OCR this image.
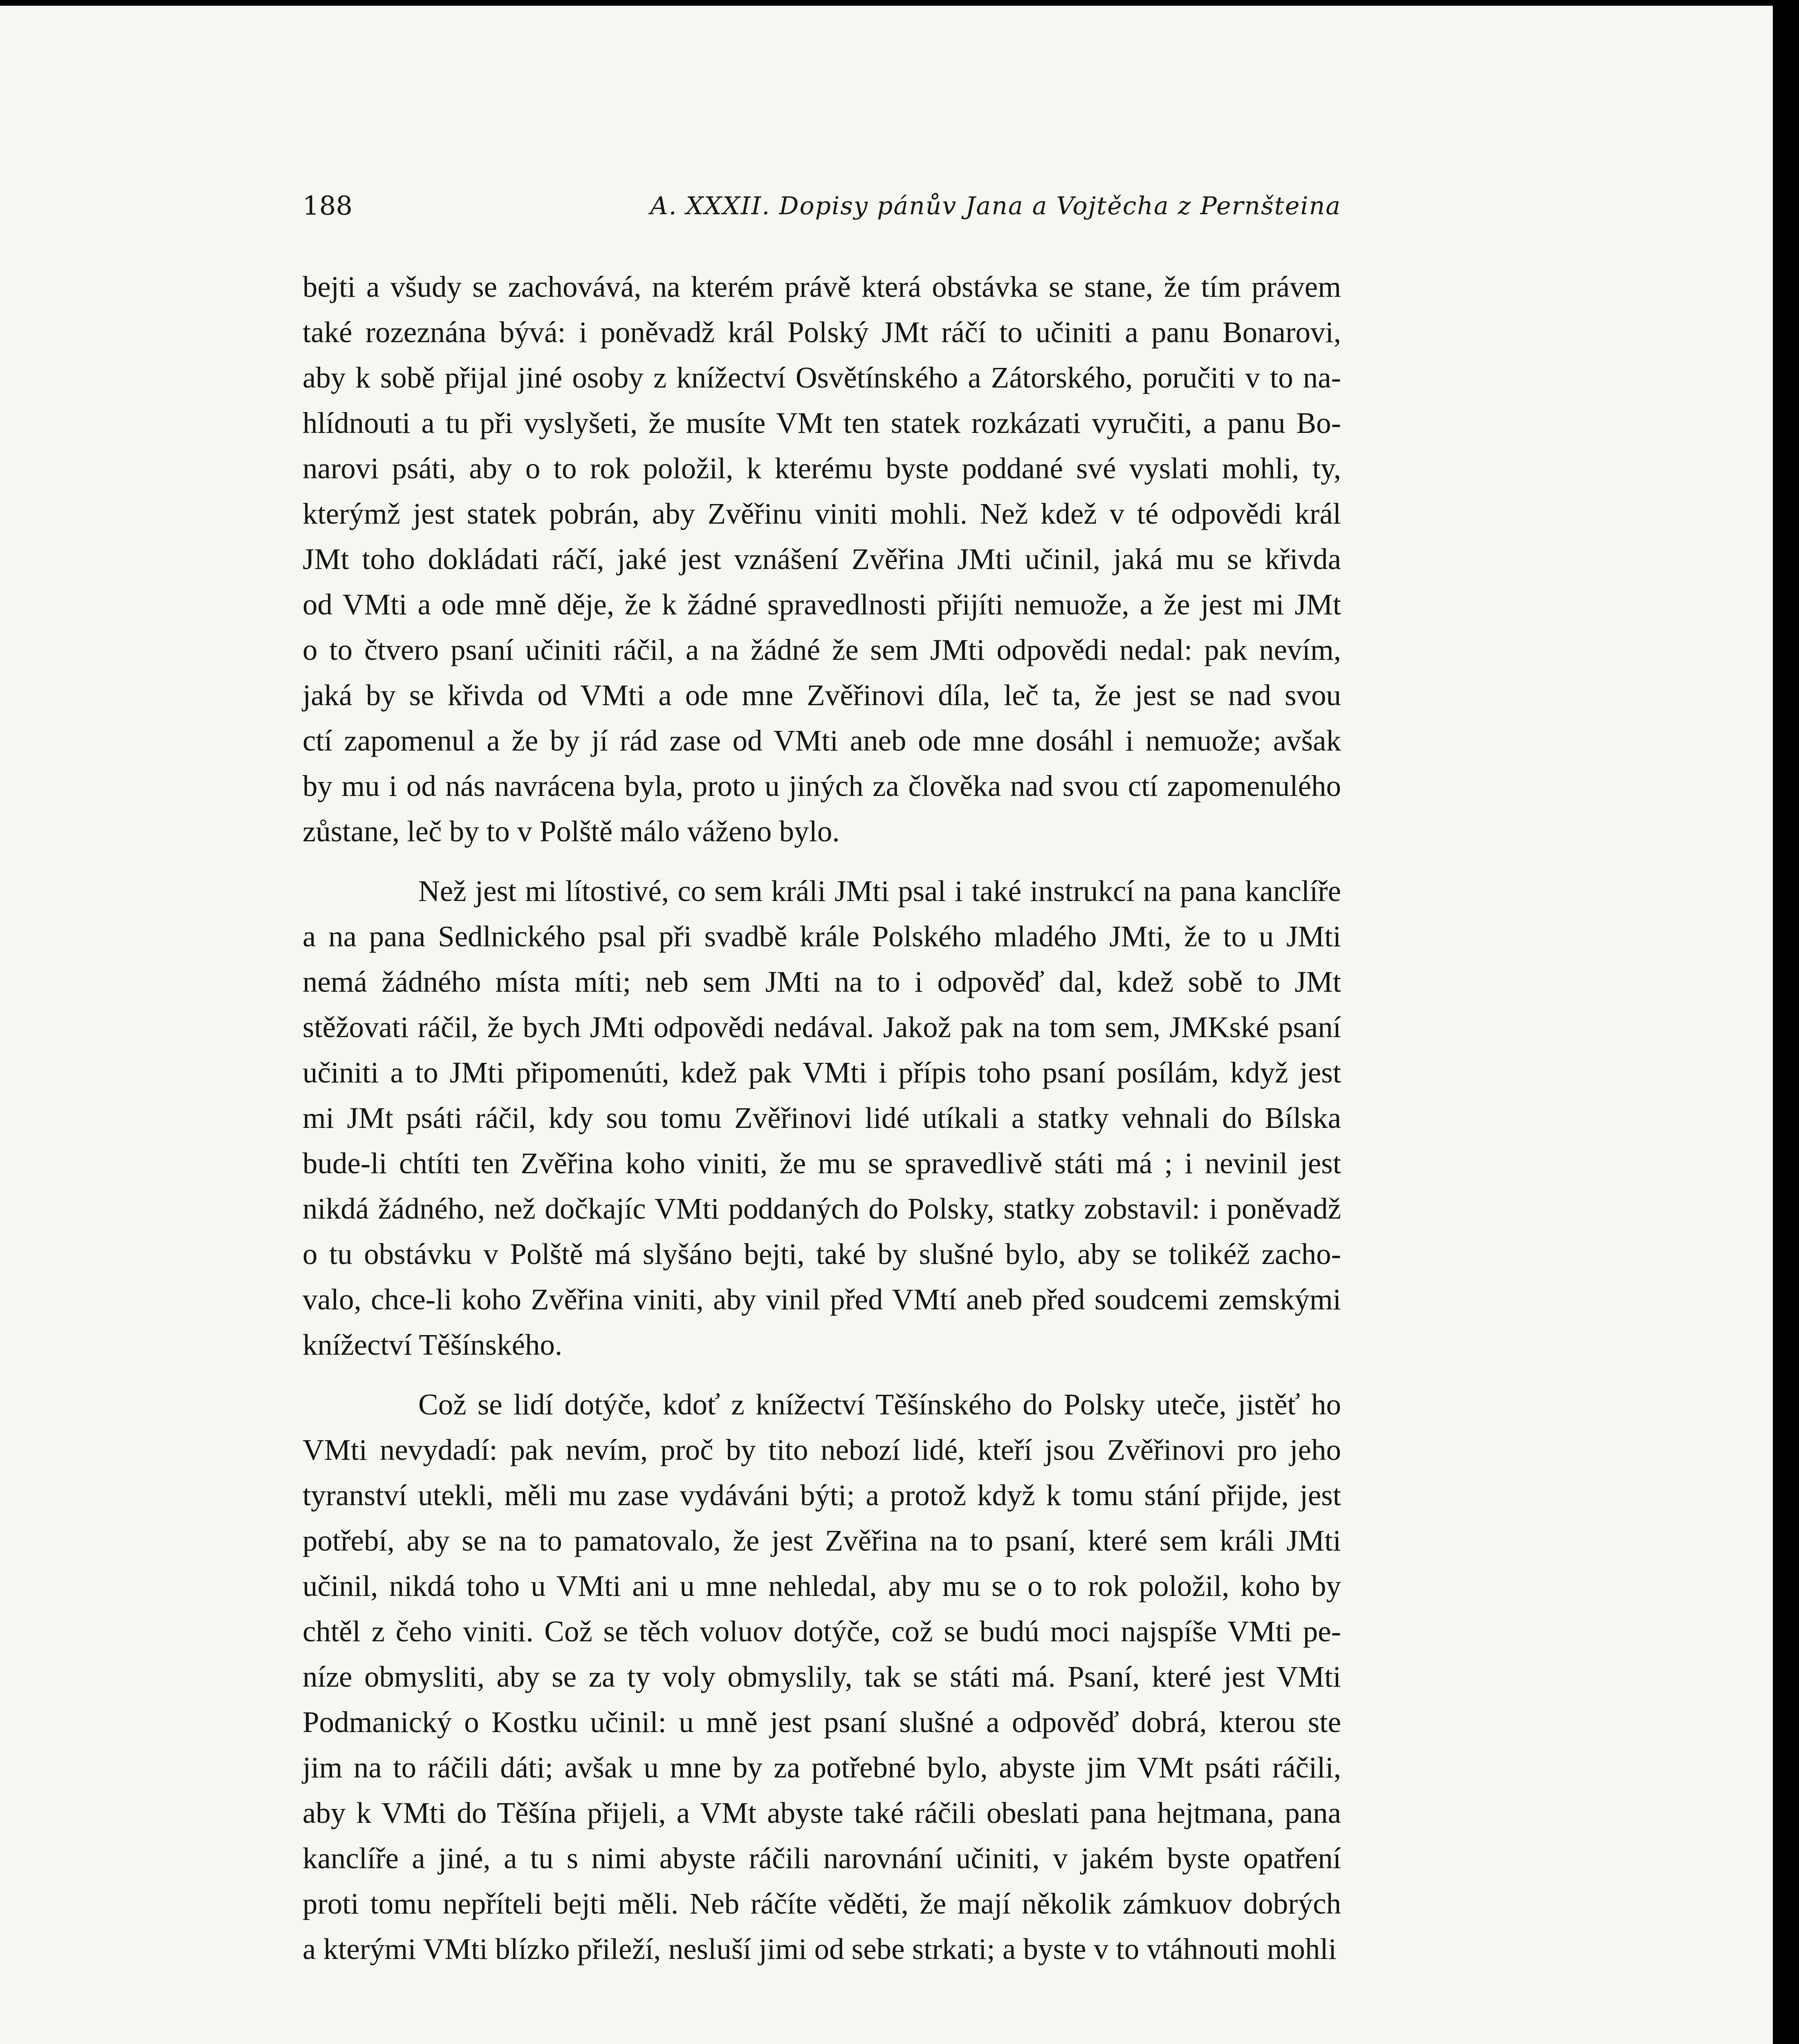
188	A. XXXII. Dopisy pánův Jana a Vojtěcha z Pernšteina
bejti a všudy se zachovává, na kterém právě která obstávka se stane, že tím právem
také rozeznána bývá: i poněvadž král Polský JMt ráčí to učiniti a panu Bonarovi,
aby k sobě přijal jiné osoby z knížectví Osvětínského a Zátorského, poručiti v to na-
hlídnouti a tu při vyslyšeti, že musíte VMt ten statek rozkázati vyručiti, a panu Bo-
narovi psáti, aby o to rok položil, k kterému byste poddané své vyslati mohli, ty,
kterýmž jest statek pobrán, aby Zvěřinu viniti mohli. Než kdež v té odpovědi král
JMt toho dokládati ráčí, jaké jest vznášení Zvěřina JMti učinil, jaká mu se křivda
od VMti a ode mně děje, že k žádné spravedlnosti přijíti nemuože, a že jest mi JMt
o to čtvero psaní učiniti ráčil, a na žádné že sem JMti odpovědi nedal: pak nevím,
jaká by se křivda od VMti a ode mne Zvěřinovi díla, leč ta, že jest se nad svou
ctí zapomenul a že by jí rád zase od VMti aneb ode mne dosáhl i nemuože; avšak
by mu i od nás navrácena byla, proto u jiných za člověka nad svou ctí zapomenulého
zůstane, leč by to v Polště málo váženo bylo.
Než jest mi lítostivé, co sem králi JMti psal i také instrukcí na pana kanclíře
a na pana Sedlnického psal při svadbě krále Polského mladého JMti, že to u JMti
nemá žádného místa míti; neb sem JMti na to i odpověď dal, kdež sobě to JMt
stěžovati ráčil, že bych JMti odpovědi nedával. Jakož pak na tom sem, JMKské psaní
učiniti a to JMti připomenúti, kdež pak VMti i přípis toho psaní posílám, když jest
mi JMt psáti ráčil, kdy sou tomu Zvěřinovi lidé utíkali a statky vehnali do Bílska
bude-li chtíti ten Zvěřina koho viniti, že mu se spravedlivě státi má ; i nevinil jest
nikdá žádného, než dočkajíc VMti poddaných do Polsky, statky zobstavil: i poněvadž
o tu obstávku v Polště má slyšáno bejti, také by slušné bylo, aby se tolikéž zacho-
valo, chce-li koho Zvěřina viniti, aby vinil před VMtí aneb před soudcemi zemskými
knížectví Těšínského.
Což se lidí dotýče, kdoť z knížectví Těšínského do Polsky uteče, jistěť ho
VMti nevydadí: pak nevím, proč by tito nebozí lidé, kteří jsou Zvěřinovi pro jeho
tyranství utekli, měli mu zase vydáváni býti; a protož když k tomu stání přijde, jest
potřebí, aby se na to pamatovalo, že jest Zvěřina na to psaní, které sem králi JMti
učinil, nikdá toho u VMti ani u mne nehledal, aby mu se o to rok položil, koho by
chtěl z čeho viniti. Což se těch voluov dotýče, což se budú moci najspíše VMti pe-
níze obmysliti, aby se za ty voly obmyslily, tak se státi má. Psaní, které jest VMti
Podmanický o Kostku učinil: u mně jest psaní slušné a odpověď dobrá, kterou ste
jim na to ráčili dáti; avšak u mne by za potřebné bylo, abyste jim VMt psáti ráčili,
aby k VMti do Těšína přijeli, a VMt abyste také ráčili obeslati pana hejtmana, pana
kanclíře a jiné, a tu s nimi abyste ráčili narovnání učiniti, v jakém byste opatření
proti tomu nepříteli bejti měli. Neb ráčíte věděti, že mají několik zámkuov dobrých
a kterými VMti blízko přileží, nesluší jimi od sebe strkati; a byste v to vtáhnouti mohli
